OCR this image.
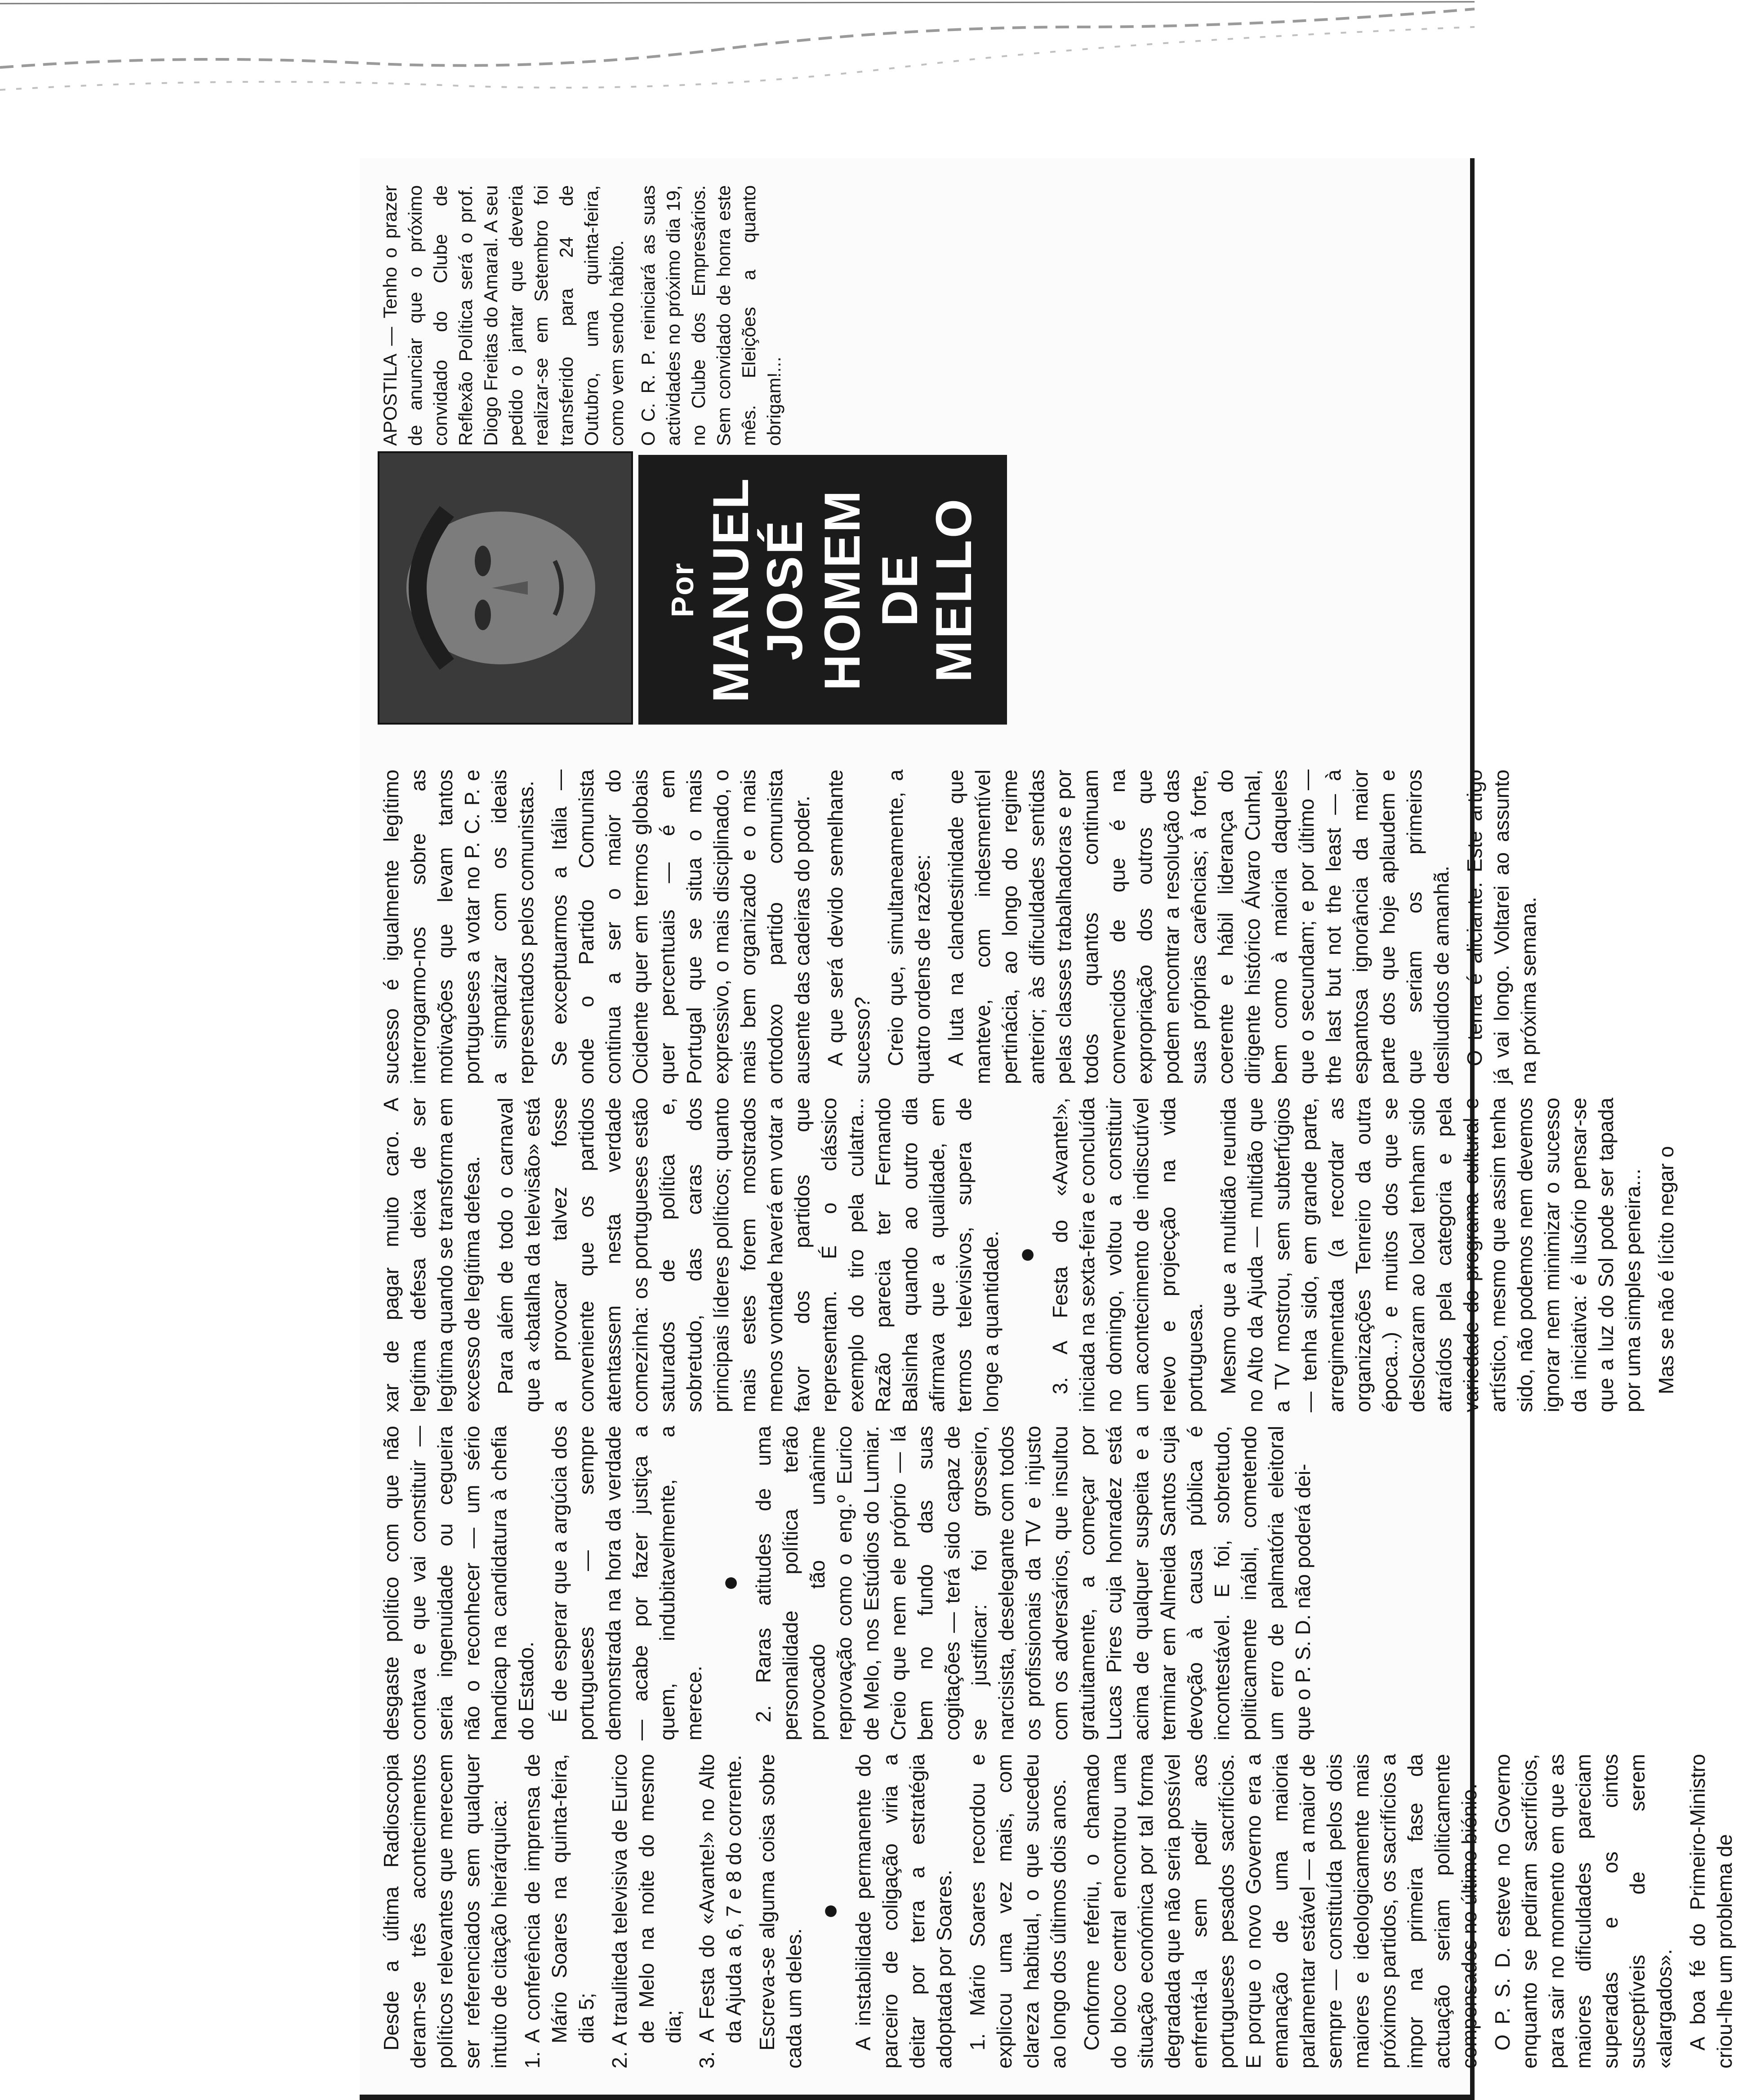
Desde a última Radioscopia deram-se três acontecimentos políticos relevantes que merecem ser referenciados sem qualquer intuito de citação hierárquica: 1. A conferência de imprensa de Mário Soares na quinta-feira, dia 5; 2. A trauliteda televisiva de Eurico de Melo na noite do mesmo dia; 3. A Festa do «Avante!» no Alto da Ajuda a 6, 7 e 8 do corrente. Escreva-se alguma coisa sobre cada um deles.

● A instabilidade permanente do parceiro de coligação viria a deitar por terra a estratégia adoptada por Soares. 1. Mário Soares recordou e explicou uma vez mais, com clareza habitual, o que sucedeu ao longo dos últimos dois anos. Conforme referiu, o chamado do bloco central encontrou uma situação económica por tal forma degradada que não seria possível enfrentá-la sem pedir aos portugueses pesados sacrifícios. E porque o novo Governo era a emanação de uma maioria parlamentar estável — a maior de sempre — constituída pelos dois maiores e ideologicamente mais próximos partidos, os sacrifícios a impor na primeira fase da actuação seriam politicamente compensados no último biénio. O P. S. D. esteve no Governo enquanto se pediram sacrifícios, para sair no momento em que as maiores dificuldades pareciam superadas e os cintos susceptíveis de serem «alargados». A boa fé do Primeiro-Ministro criou-lhe um problema de

desgaste político com que não contava e que vai constituir — seria ingenuidade ou cegueira não o reconhecer — um sério handicap na candidatura à chefia do Estado. É de esperar que a argúcia dos portugueses — sempre demonstrada na hora da verdade — acabe por fazer justiça a quem, indubitavelmente, a merece.

● 2. Raras atitudes de uma personalidade política terão provocado tão unânime reprovação como o eng.º Eurico de Melo, nos Estúdios do Lumiar. Creio que nem ele próprio — lá bem no fundo das suas cogitações — terá sido capaz de se justificar: foi grosseiro, narcisista, deselegante com todos os profissionais da TV e injusto com os adversários, que insultou gratuitamente, a começar por Lucas Pires cuja honradez está acima de qualquer suspeita e a terminar em Almeida Santos cuja devoção à causa pública é incontestável. E foi, sobretudo, politicamente inábil, cometendo um erro de palmatória eleitoral que o P. S. D. não poderá dei-

xar de pagar muito caro. A legítima defesa deixa de ser legítima quando se transforma em excesso de legítima defesa. Para além de todo o carnaval que a «batalha da televisão» está a provocar talvez fosse conveniente que os partidos atentassem nesta verdade comezinha: os portugueses estão saturados de política e, sobretudo, das caras dos principais líderes políticos; quanto mais estes forem mostrados menos vontade haverá em votar a favor dos partidos que representam. É o clássico exemplo do tiro pela culatra... Razão parecia ter Fernando Balsinha quando ao outro dia afirmava que a qualidade, em termos televisivos, supera de longe a quantidade. ● 3. A Festa do «Avante!», iniciada na sexta-feira e concluída no domingo, voltou a constituir um acontecimento de indiscutível relevo e projecção na vida portuguesa. Mesmo que a multidão reunida no Alto da Ajuda — multidão que a TV mostrou, sem subterfúgios — tenha sido, em grande parte, arregimentada (a recordar as organizações Tenreiro da outra época...) e muitos dos que se deslocaram ao local tenham sido atraídos pela categoria e pela variedade do programa cultural e artístico, mesmo que assim tenha sido, não podemos nem devemos ignorar nem minimizar o sucesso da iniciativa: é ilusório pensar-se que a luz do Sol pode ser tapada por uma simples peneira... Mas se não é lícito negar o

sucesso é igualmente legítimo interrogarmo-nos sobre as motivações que levam tantos portugueses a votar no P. C. P. e a simpatizar com os ideais representados pelos comunistas. Se exceptuarmos a Itália — onde o Partido Comunista continua a ser o maior do Ocidente quer em termos globais quer percentuais — é em Portugal que se situa o mais expressivo, o mais disciplinado, o mais bem organizado e o mais ortodoxo partido comunista ausente das cadeiras do poder. A que será devido semelhante sucesso? Creio que, simultaneamente, a quatro ordens de razões: A luta na clandestinidade que manteve, com indesmentível pertinácia, ao longo do regime anterior; às dificuldades sentidas pelas classes trabalhadoras e por todos quantos continuam convencidos de que é na expropriação dos outros que podem encontrar a resolução das suas próprias carências; à forte, coerente e hábil liderança do dirigente histórico Álvaro Cunhal, bem como à maioria daqueles que o secundam; e por último — the last but not the least — à espantosa ignorância da maior parte dos que hoje aplaudem e que seriam os primeiros desiludidos de amanhã. O tema é aliciante. Este artigo já vai longo. Voltarei ao assunto na próxima semana.

Por MANUEL JOSÉ HOMEM DE MELLO

APOSTILA — Tenho o prazer de anunciar que o próximo convidado do Clube de Reflexão Política será o prof. Diogo Freitas do Amaral. A seu pedido o jantar que deveria realizar-se em Setembro foi transferido para 24 de Outubro, uma quinta-feira, como vem sendo hábito. O C. R. P. reiniciará as suas actividades no próximo dia 19, no Clube dos Empresários. Sem convidado de honra este mês. Eleições a quanto obrigam!...
